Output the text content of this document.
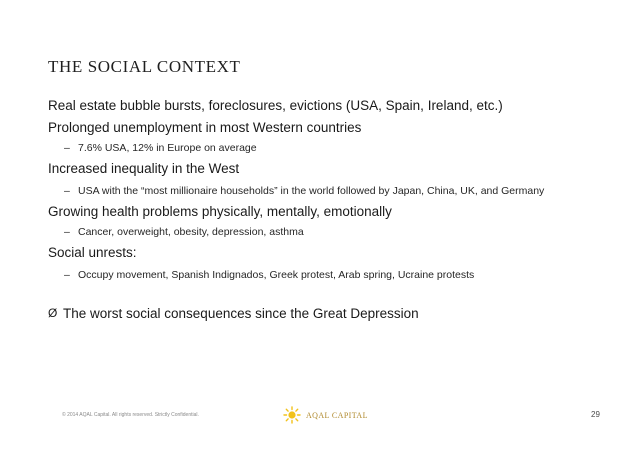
THE SOCIAL CONTEXT
Real estate bubble bursts, foreclosures, evictions (USA, Spain, Ireland, etc.)
Prolonged unemployment in most Western countries
– 7.6% USA, 12% in Europe on average
Increased inequality in the West
– USA with the “most millionaire households” in the world followed by Japan, China, UK, and Germany
Growing health problems physically, mentally, emotionally
– Cancer, overweight, obesity, depression, asthma
Social unrests:
– Occupy movement, Spanish Indignados, Greek protest, Arab spring, Ucraine protests
Ø The worst social consequences since the Great Depression
© 2014 AQAL Capital. All rights reserved. Strictly Confidential.	AQAL CAPITAL	29
